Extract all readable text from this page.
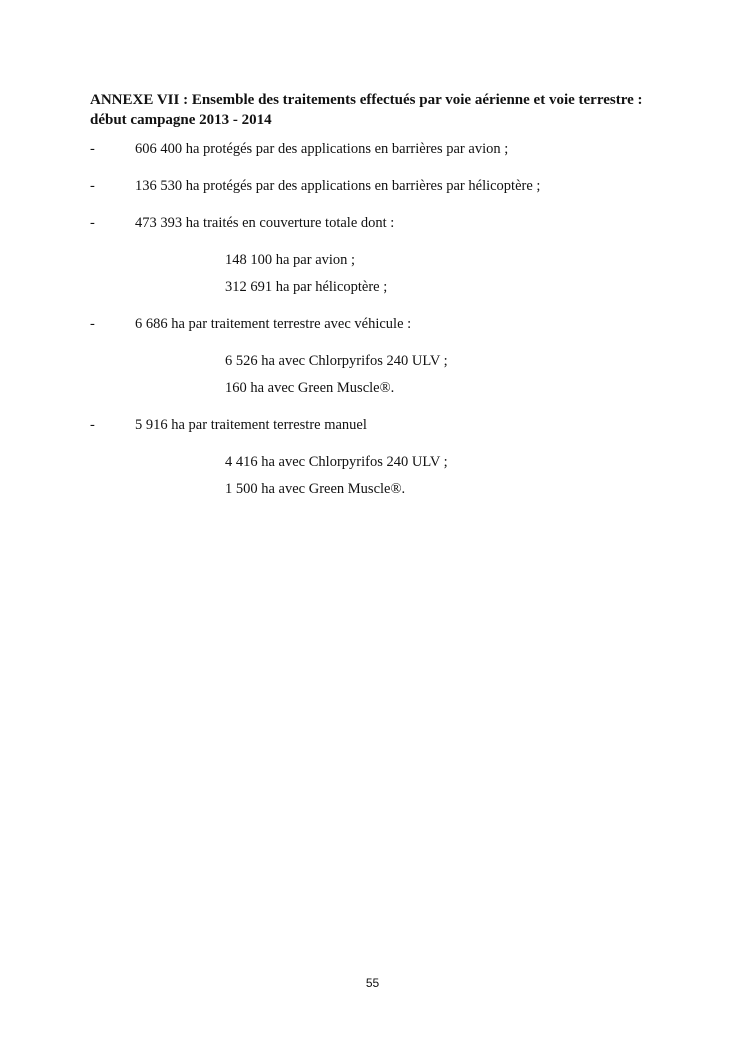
ANNEXE VII : Ensemble des traitements effectués par voie aérienne et voie terrestre :
début campagne 2013 - 2014
-	606 400 ha protégés par des applications en barrières par avion ;
-	136 530 ha protégés par des applications en barrières par hélicoptère ;
-	473 393 ha traités en couverture totale dont :
148 100 ha par avion ;
312 691 ha par hélicoptère ;
-	6 686 ha par traitement terrestre avec véhicule :
6 526 ha avec Chlorpyrifos 240 ULV ;
160 ha avec Green Muscle®.
-	5 916 ha par traitement terrestre manuel
4 416 ha avec Chlorpyrifos 240 ULV ;
1 500 ha avec Green Muscle®.
55
